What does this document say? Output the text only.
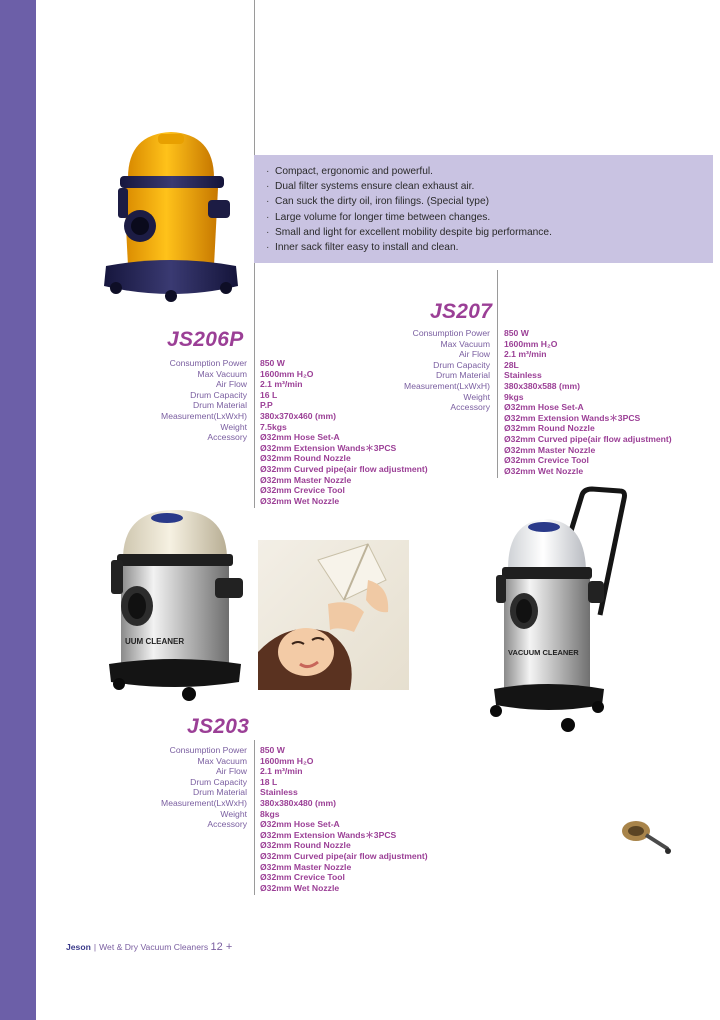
· Compact, ergonomic and powerful.
· Dual filter systems ensure clean exhaust air.
· Can suck the dirty oil, iron filings. (Special type)
· Large volume for longer time between changes.
· Small and light for excellent mobility despite big performance.
· Inner sack filter easy to install and clean.
JS206P
Consumption Power
Max Vacuum
Air Flow
Drum Capacity
Drum Material
Measurement(LxWxH)
Weight
Accessory
850 W
1600mm H₂O
2.1 m³/min
16 L
P.P
380x370x460 (mm)
7.5kgs
Ø32mm Hose Set-A
Ø32mm Extension Wands＊3PCS
Ø32mm Round Nozzle
Ø32mm Curved pipe(air flow adjustment)
Ø32mm Master Nozzle
Ø32mm Crevice Tool
Ø32mm Wet Nozzle
JS207
Consumption Power
Max Vacuum
Air Flow
Drum Capacity
Drum Material
Measurement(LxWxH)
Weight
Accessory
850 W
1600mm H₂O
2.1 m³/min
28L
Stainless
380x380x588 (mm)
9kgs
Ø32mm Hose Set-A
Ø32mm Extension Wands＊3PCS
Ø32mm Round Nozzle
Ø32mm Curved pipe(air flow adjustment)
Ø32mm Master Nozzle
Ø32mm Crevice Tool
Ø32mm Wet Nozzle
UUM CLEANER
VACUUM CLEANER
JS203
Consumption Power
Max Vacuum
Air Flow
Drum Capacity
Drum Material
Measurement(LxWxH)
Weight
Accessory
850 W
1600mm H₂O
2.1 m³/min
18 L
Stainless
380x380x480 (mm)
8kgs
Ø32mm Hose Set-A
Ø32mm Extension Wands＊3PCS
Ø32mm Round Nozzle
Ø32mm Curved pipe(air flow adjustment)
Ø32mm Master Nozzle
Ø32mm Crevice Tool
Ø32mm Wet Nozzle
Jeson | Wet & Dry Vacuum Cleaners 12 +
